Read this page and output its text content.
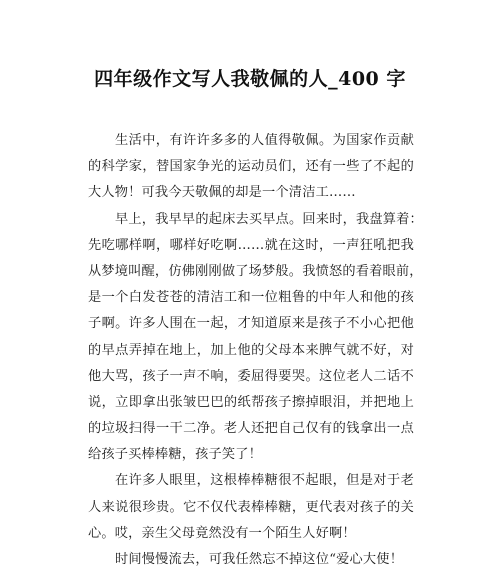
四年级作文写人我敬佩的人_400 字
生活中，有许许多多的人值得敬佩。为国家作贡献
的科学家，替国家争光的运动员们，还有一些了不起的
大人物！可我今天敬佩的却是一个清洁工……
早上，我早早的起床去买早点。回来时，我盘算着：
先吃哪样啊，哪样好吃啊……就在这时，一声狂吼把我
从梦境叫醒，仿佛刚刚做了场梦般。我愤怒的看着眼前，
是一个白发苍苍的清洁工和一位粗鲁的中年人和他的孩
子啊。许多人围在一起，才知道原来是孩子不小心把他
的早点弄掉在地上，加上他的父母本来脾气就不好，对
他大骂，孩子一声不响，委屈得要哭。这位老人二话不
说，立即拿出张皱巴巴的纸帮孩子擦掉眼泪，并把地上
的垃圾扫得一干二净。老人还把自己仅有的钱拿出一点
给孩子买棒棒糖，孩子笑了！
在许多人眼里，这根棒棒糖很不起眼，但是对于老
人来说很珍贵。它不仅代表棒棒糖，更代表对孩子的关
心。哎，亲生父母竟然没有一个陌生人好啊！
时间慢慢流去，可我任然忘不掉这位“爱心大使！
